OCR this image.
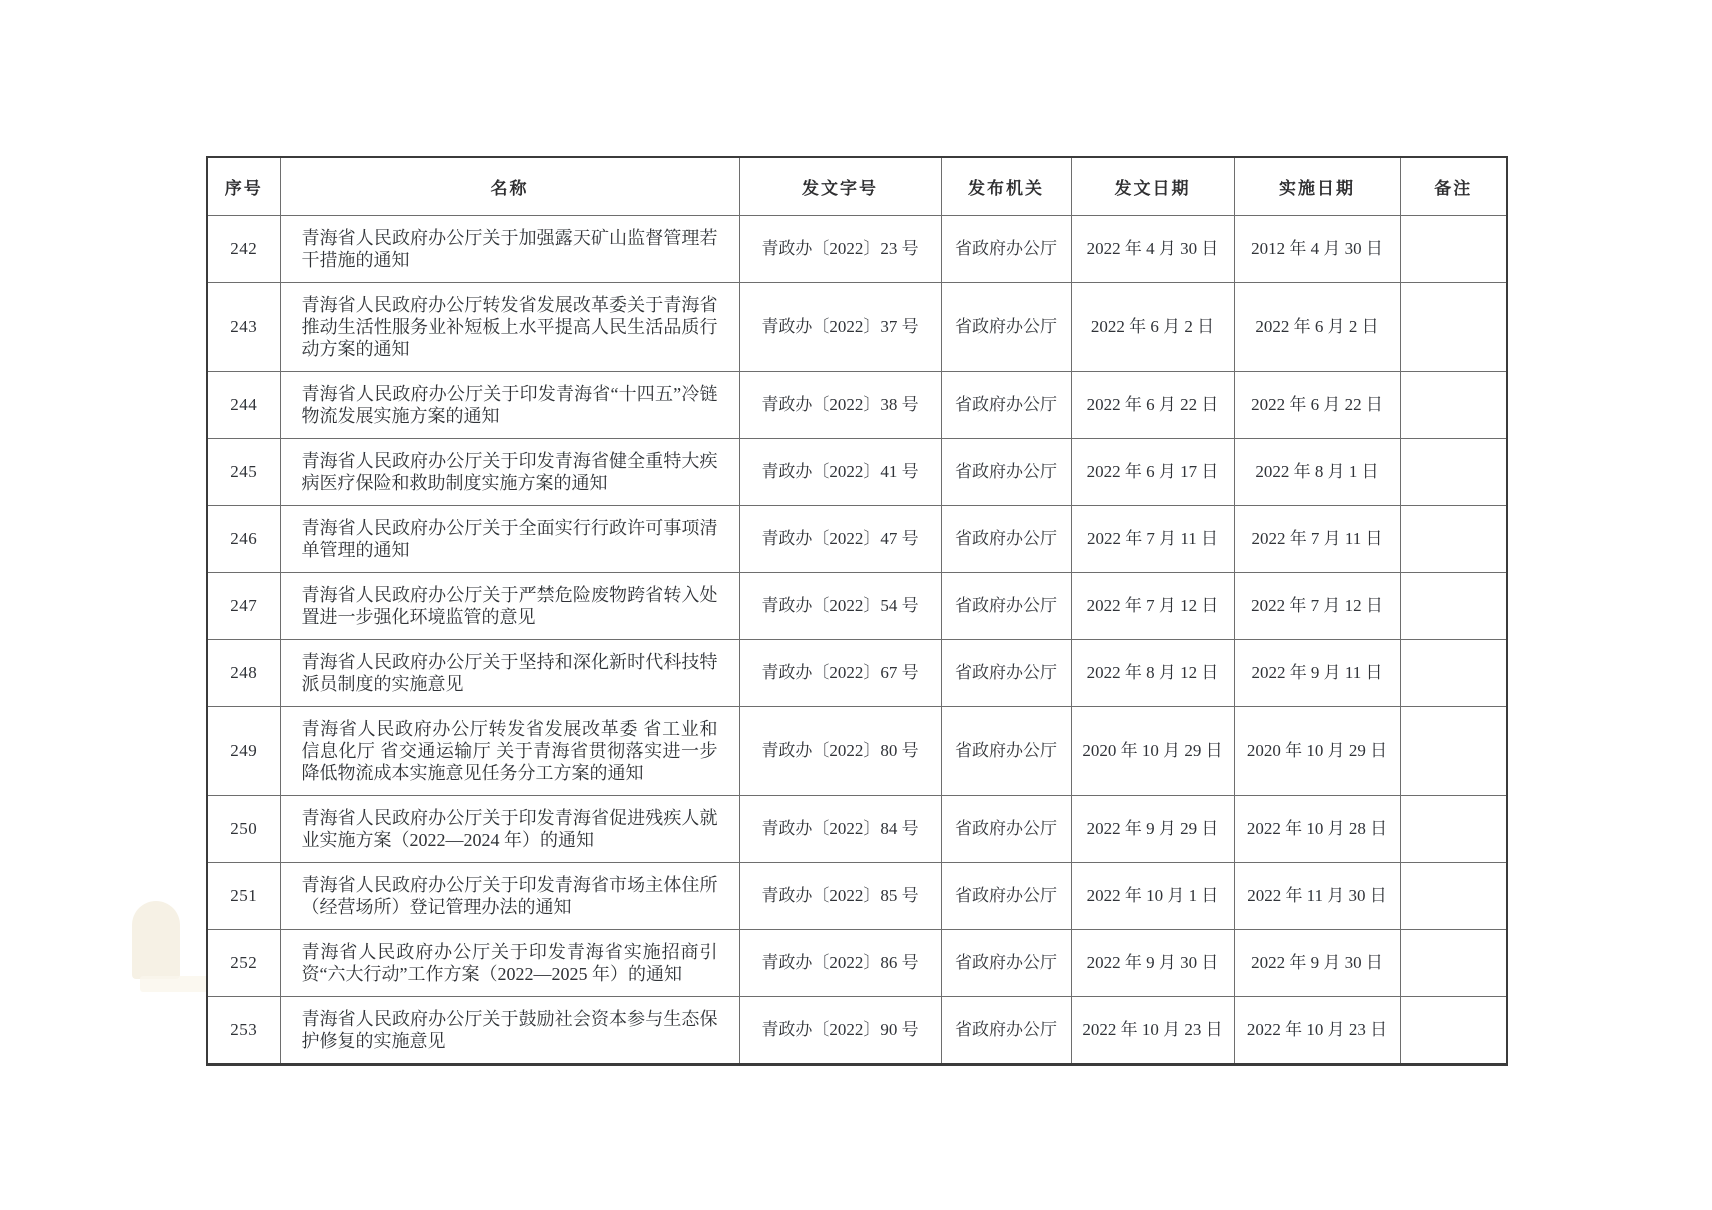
序号	名称	发文字号	发布机关	发文日期	实施日期	备注
242	青海省人民政府办公厅关于加强露天矿山监督管理若干措施的通知	青政办〔2022〕23 号	省政府办公厅	2022 年 4 月 30 日	2012 年 4 月 30 日	
243	青海省人民政府办公厅转发省发展改革委关于青海省推动生活性服务业补短板上水平提高人民生活品质行动方案的通知	青政办〔2022〕37 号	省政府办公厅	2022 年 6 月 2 日	2022 年 6 月 2 日	
244	青海省人民政府办公厅关于印发青海省“十四五”冷链物流发展实施方案的通知	青政办〔2022〕38 号	省政府办公厅	2022 年 6 月 22 日	2022 年 6 月 22 日	
245	青海省人民政府办公厅关于印发青海省健全重特大疾病医疗保险和救助制度实施方案的通知	青政办〔2022〕41 号	省政府办公厅	2022 年 6 月 17 日	2022 年 8 月 1 日	
246	青海省人民政府办公厅关于全面实行行政许可事项清单管理的通知	青政办〔2022〕47 号	省政府办公厅	2022 年 7 月 11 日	2022 年 7 月 11 日	
247	青海省人民政府办公厅关于严禁危险废物跨省转入处置进一步强化环境监管的意见	青政办〔2022〕54 号	省政府办公厅	2022 年 7 月 12 日	2022 年 7 月 12 日	
248	青海省人民政府办公厅关于坚持和深化新时代科技特派员制度的实施意见	青政办〔2022〕67 号	省政府办公厅	2022 年 8 月 12 日	2022 年 9 月 11 日	
249	青海省人民政府办公厅转发省发展改革委 省工业和信息化厅 省交通运输厅 关于青海省贯彻落实进一步降低物流成本实施意见任务分工方案的通知	青政办〔2022〕80 号	省政府办公厅	2020 年 10 月 29 日	2020 年 10 月 29 日	
250	青海省人民政府办公厅关于印发青海省促进残疾人就业实施方案（2022—2024 年）的通知	青政办〔2022〕84 号	省政府办公厅	2022 年 9 月 29 日	2022 年 10 月 28 日	
251	青海省人民政府办公厅关于印发青海省市场主体住所（经营场所）登记管理办法的通知	青政办〔2022〕85 号	省政府办公厅	2022 年 10 月 1 日	2022 年 11 月 30 日	
252	青海省人民政府办公厅关于印发青海省实施招商引资“六大行动”工作方案（2022—2025 年）的通知	青政办〔2022〕86 号	省政府办公厅	2022 年 9 月 30 日	2022 年 9 月 30 日	
253	青海省人民政府办公厅关于鼓励社会资本参与生态保护修复的实施意见	青政办〔2022〕90 号	省政府办公厅	2022 年 10 月 23 日	2022 年 10 月 23 日	
